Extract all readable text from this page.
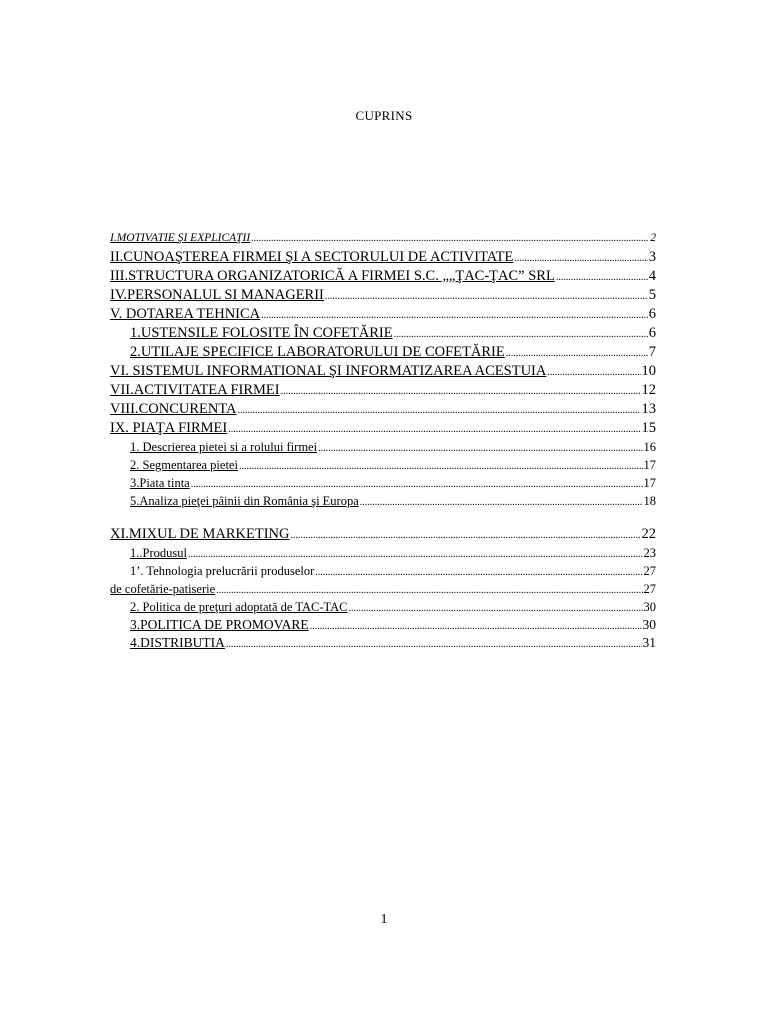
CUPRINS
I.MOTIVATIE ŞI EXPLICAŢII .....	2
II.CUNOAŞTEREA FIRMEI ŞI A SECTORULUI DE ACTIVITATE .....	3
III.STRUCTURA ORGANIZATORICĂ A FIRMEI S.C. „„ŢAC-ŢAC” SRL .....	4
IV.PERSONALUL SI MANAGERII .....	5
V. DOTAREA TEHNICA .....	6
1.USTENSILE FOLOSITE ÎN COFETĂRIE .....	6
2.UTILAJE SPECIFICE LABORATORULUI DE COFETĂRIE .....	7
VI. SISTEMUL INFORMATIONAL ŞI INFORMATIZAREA ACESTUIA .....	10
VII.ACTIVITATEA FIRMEI .....	12
VIII.CONCURENTA .....	13
IX. PIAŢA FIRMEI .....	15
1. Descrierea pietei si a rolului firmei .....	16
2. Segmentarea pietei .....	17
3.Piata tinta .....	17
5.Analiza pieţei pâinii din România şi Europa .....	18
XI.MIXUL DE MARKETING .....	22
1..Produsul .....	23
1’. Tehnologia prelucrării produselor .....	27
de cofetărie-patiserie .....	27
2. Politica de preţuri adoptată de TAC-TAC .....	30
3.POLITICA DE PROMOVARE .....	30
4.DISTRIBUTIA .....	31
1
